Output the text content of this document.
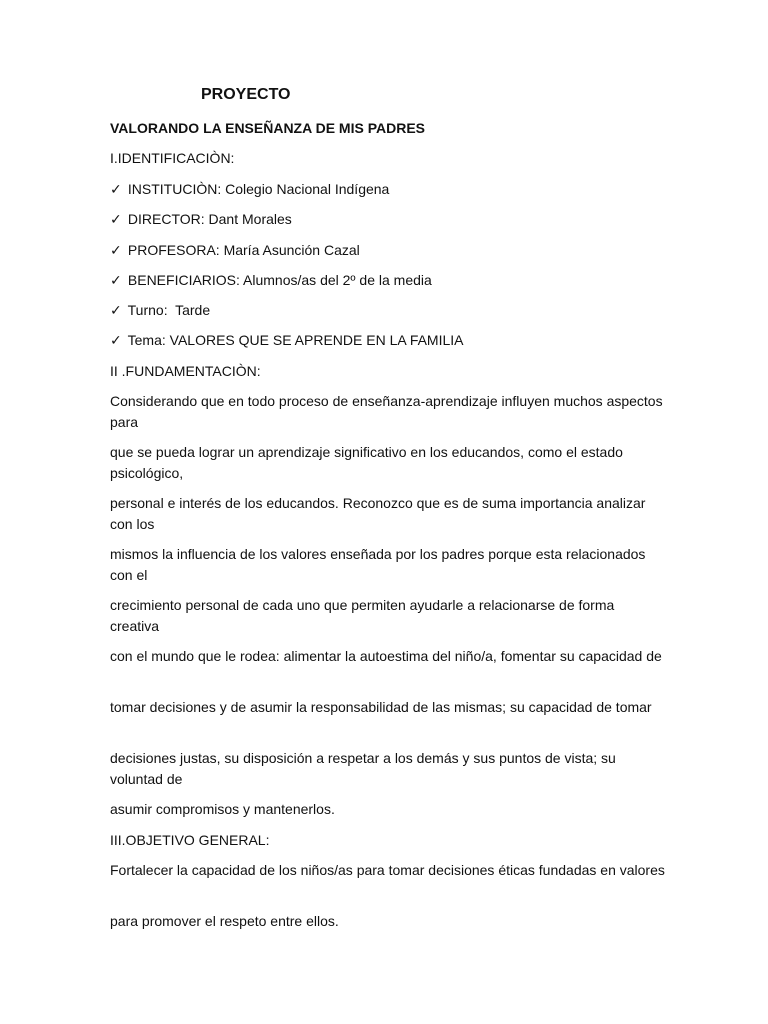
PROYECTO

VALORANDO LA ENSEÑANZA DE MIS PADRES

I.IDENTIFICACIÒN:

✓ INSTITUCIÒN: Colegio Nacional Indígena

✓ DIRECTOR: Dant Morales

✓ PROFESORA: María Asunción Cazal

✓ BENEFICIARIOS: Alumnos/as del 2º de la media

✓ Turno:  Tarde

✓ Tema: VALORES QUE SE APRENDE EN LA FAMILIA

II .FUNDAMENTACIÒN:

Considerando que en todo proceso de enseñanza-aprendizaje influyen muchos aspectos para

que se pueda lograr un aprendizaje significativo en los educandos, como el estado psicológico,

personal e interés de los educandos. Reconozco que es de suma importancia analizar con los

mismos la influencia de los valores enseñada por los padres porque esta relacionados con el

crecimiento personal de cada uno que permiten ayudarle a relacionarse de forma creativa

con el mundo que le rodea: alimentar la autoestima del niño/a, fomentar su capacidad de

tomar decisiones y de asumir la responsabilidad de las mismas; su capacidad de tomar

decisiones justas, su disposición a respetar a los demás y sus puntos de vista; su voluntad de

asumir compromisos y mantenerlos.

III.OBJETIVO GENERAL:

Fortalecer la capacidad de los niños/as para tomar decisiones éticas fundadas en valores

para promover el respeto entre ellos.
